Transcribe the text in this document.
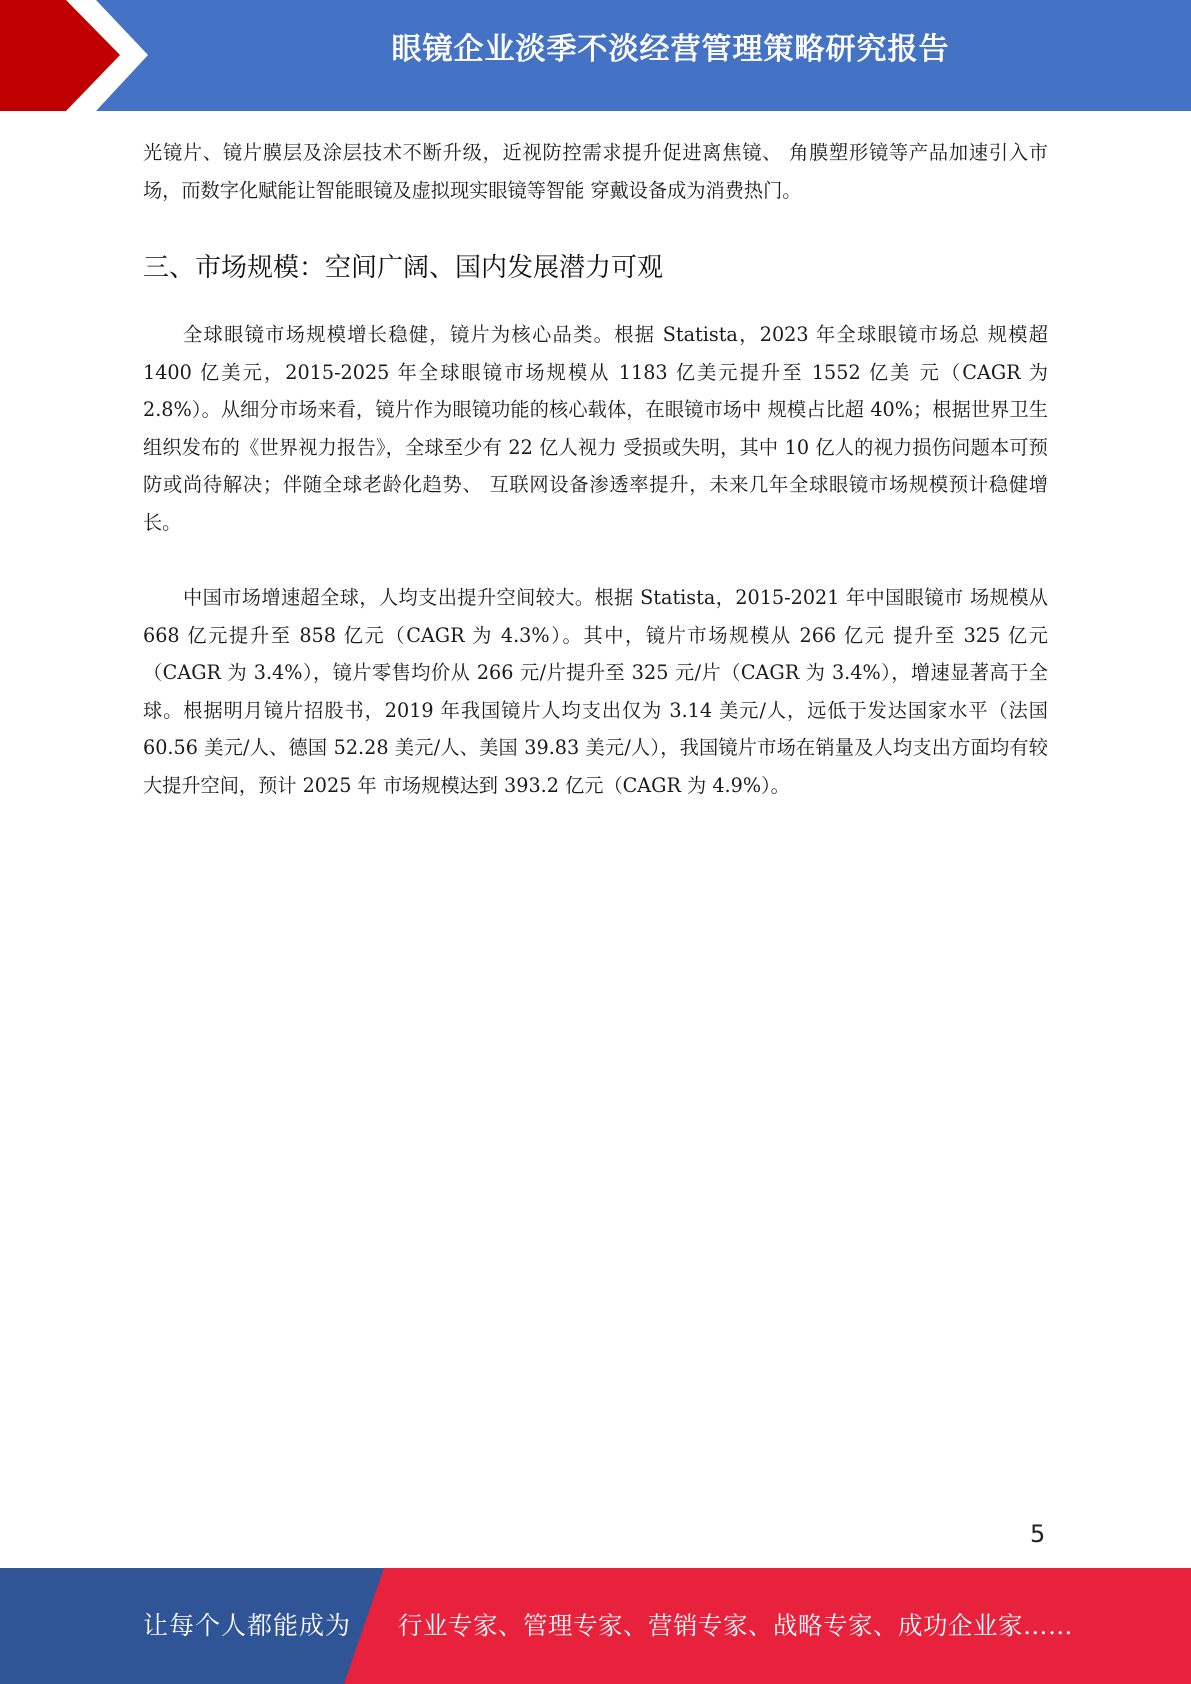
眼镜企业淡季不淡经营管理策略研究报告

光镜片、镜片膜层及涂层技术不断升级，近视防控需求提升促进离焦镜、 角膜塑形镜等产品加速引入市场，而数字化赋能让智能眼镜及虚拟现实眼镜等智能 穿戴设备成为消费热门。

三、市场规模：空间广阔、国内发展潜力可观

全球眼镜市场规模增长稳健，镜片为核心品类。根据 Statista，2023 年全球眼镜市场总 规模超 1400 亿美元，2015-2025 年全球眼镜市场规模从 1183 亿美元提升至 1552 亿美 元（CAGR 为 2.8%）。从细分市场来看，镜片作为眼镜功能的核心载体，在眼镜市场中 规模占比超 40%；根据世界卫生组织发布的《世界视力报告》，全球至少有 22 亿人视力 受损或失明，其中 10 亿人的视力损伤问题本可预防或尚待解决；伴随全球老龄化趋势、 互联网设备渗透率提升，未来几年全球眼镜市场规模预计稳健增长。

中国市场增速超全球，人均支出提升空间较大。根据 Statista，2015-2021 年中国眼镜市 场规模从 668 亿元提升至 858 亿元（CAGR 为 4.3%）。其中，镜片市场规模从 266 亿元 提升至 325 亿元（CAGR 为 3.4%），镜片零售均价从 266 元/片提升至 325 元/片（CAGR 为 3.4%），增速显著高于全球。根据明月镜片招股书，2019 年我国镜片人均支出仅为 3.14 美元/人，远低于发达国家水平（法国 60.56 美元/人、德国 52.28 美元/人、美国 39.83 美元/人），我国镜片市场在销量及人均支出方面均有较大提升空间，预计 2025 年 市场规模达到 393.2 亿元（CAGR 为 4.9%）。

5
让每个人都能成为 行业专家、管理专家、营销专家、战略专家、成功企业家……
